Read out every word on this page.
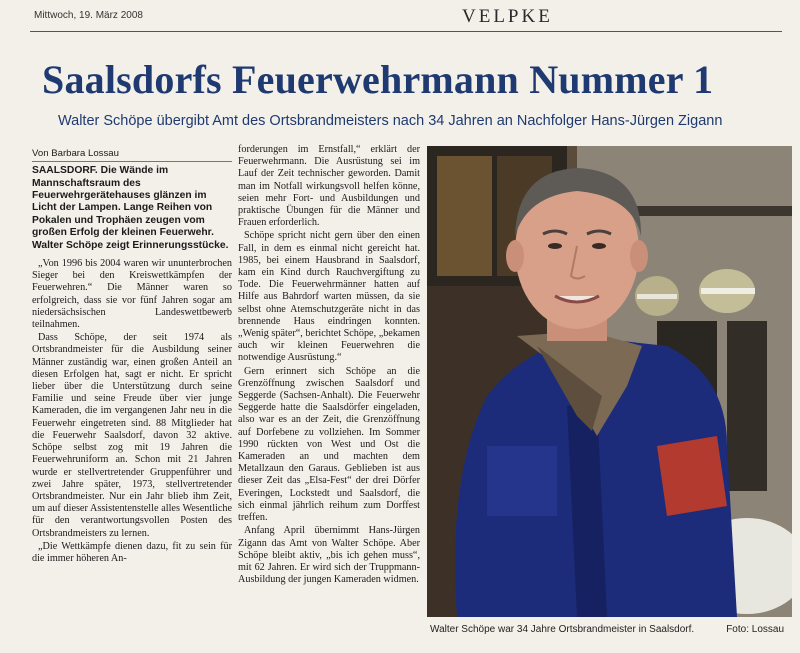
Mittwoch, 19. März 2008	VELPKE
Saalsdorfs Feuerwehrmann Nummer 1
Walter Schöpe übergibt Amt des Ortsbrandmeisters nach 34 Jahren an Nachfolger Hans-Jürgen Zigann
Von Barbara Lossau
SAALSDORF. Die Wände im Mannschaftsraum des Feuerwehrgerätehauses glänzen im Licht der Lampen. Lange Reihen von Pokalen und Trophäen zeugen vom großen Erfolg der kleinen Feuerwehr. Walter Schöpe zeigt Erinnerungsstücke.

„Von 1996 bis 2004 waren wir ununterbrochen Sieger bei den Kreiswettkämpfen der Feuerwehren.“ Die Männer waren so erfolgreich, dass sie vor fünf Jahren sogar am niedersächsischen Landeswettbewerb teilnahmen.

Dass Schöpe, der seit 1974 als Ortsbrandmeister für die Ausbildung seiner Männer zuständig war, einen großen Anteil an diesen Erfolgen hat, sagt er nicht. Er spricht lieber über die Unterstützung durch seine Familie und seine Freude über vier junge Kameraden, die im vergangenen Jahr neu in die Feuerwehr eingetreten sind. 88 Mitglieder hat die Feuerwehr Saalsdorf, davon 32 aktive. Schöpe selbst zog mit 19 Jahren die Feuerwehruniform an. Schon mit 21 Jahren wurde er stellvertretender Gruppenführer und zwei Jahre später, 1973, stellvertretender Ortsbrandmeister. Nur ein Jahr blieb ihm Zeit, um auf dieser Assistentenstelle alles Wesentliche für den verantwortungsvollen Posten des Ortsbrandmeisters zu lernen.

„Die Wettkämpfe dienen dazu, fit zu sein für die immer höheren An-

forderungen im Ernstfall,“ erklärt der Feuerwehrmann. Die Ausrüstung sei im Lauf der Zeit technischer geworden. Damit man im Notfall wirkungsvoll helfen könne, seien mehr Fort- und Ausbildungen und praktische Übungen für die Männer und Frauen erforderlich.

Schöpe spricht nicht gern über den einen Fall, in dem es einmal nicht gereicht hat. 1985, bei einem Hausbrand in Saalsdorf, kam ein Kind durch Rauchvergiftung zu Tode. Die Feuerwehrmänner hatten auf Hilfe aus Bahrdorf warten müssen, da sie selbst ohne Atemschutzgeräte nicht in das brennende Haus eindringen konnten. „Wenig später“, berichtet Schöpe, „bekamen auch wir kleinen Feuerwehren die notwendige Ausrüstung.“

Gern erinnert sich Schöpe an die Grenzöffnung zwischen Saalsdorf und Seggerde (Sachsen-Anhalt). Die Feuerwehr Seggerde hatte die Saalsdörfer eingeladen, also war es an der Zeit, die Grenzöffnung auf Dorfebene zu vollziehen. Im Sommer 1990 rückten von West und Ost die Kameraden an und machten dem Metallzaun den Garaus. Geblieben ist aus dieser Zeit das „Elsa-Fest“ der drei Dörfer Everingen, Lockstedt und Saalsdorf, die sich einmal jährlich reihum zum Dorffest treffen.

Anfang April übernimmt Hans-Jürgen Zigann das Amt von Walter Schöpe. Aber Schöpe bleibt aktiv, „bis ich gehen muss“, mit 62 Jahren. Er wird sich der Truppmann-Ausbildung der jungen Kameraden widmen.

Walter Schöpe war 34 Jahre Ortsbrandmeister in Saalsdorf.	Foto: Lossau
